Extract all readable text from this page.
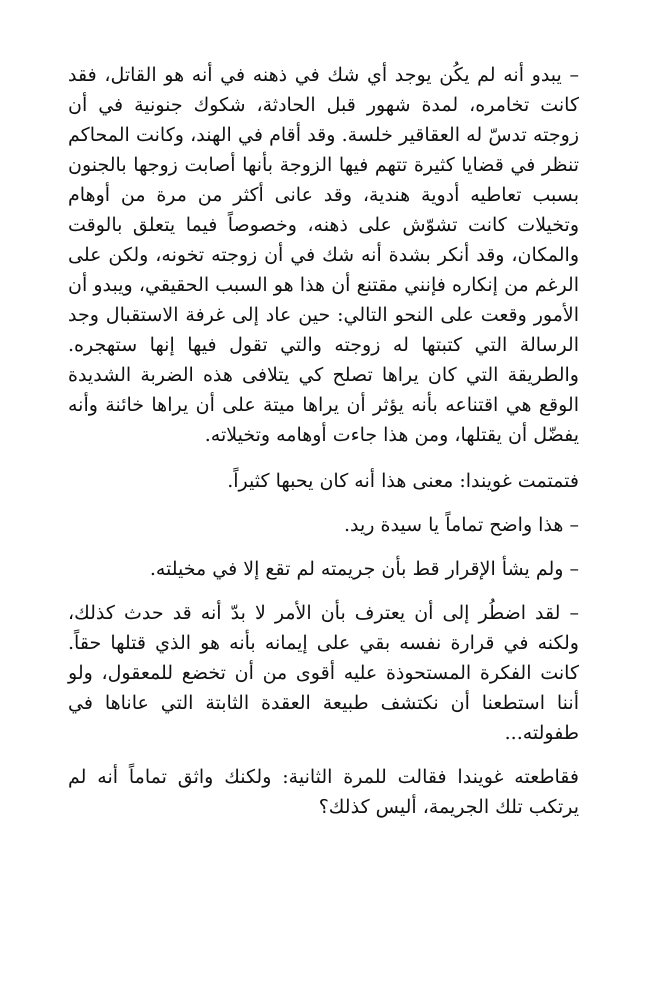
– يبدو أنه لم يكُن يوجد أي شك في ذهنه في أنه هو القاتل، فقد كانت تخامره، لمدة شهور قبل الحادثة، شكوك جنونية في أن زوجته تدسّ له العقاقير خلسة. وقد أقام في الهند، وكانت المحاكم تنظر في قضايا كثيرة تتهم فيها الزوجة بأنها أصابت زوجها بالجنون بسبب تعاطيه أدوية هندية، وقد عانى أكثر من مرة من أوهام وتخيلات كانت تشوّش على ذهنه، وخصوصاً فيما يتعلق بالوقت والمكان، وقد أنكر بشدة أنه شك في أن زوجته تخونه، ولكن على الرغم من إنكاره فإنني مقتنع أن هذا هو السبب الحقيقي، ويبدو أن الأمور وقعت على النحو التالي: حين عاد إلى غرفة الاستقبال وجد الرسالة التي كتبتها له زوجته والتي تقول فيها إنها ستهجره. والطريقة التي كان يراها تصلح كي يتلافى هذه الضربة الشديدة الوقع هي اقتناعه بأنه يؤثر أن يراها ميتة على أن يراها خائنة وأنه يفضّل أن يقتلها، ومن هذا جاءت أوهامه وتخيلاته.

فتمتمت غويندا: معنى هذا أنه كان يحبها كثيراً.

– هذا واضح تماماً يا سيدة ريد.

– ولم يشأ الإقرار قط بأن جريمته لم تقع إلا في مخيلته.

– لقد اضطُر إلى أن يعترف بأن الأمر لا بدّ أنه قد حدث كذلك، ولكنه في قرارة نفسه بقي على إيمانه بأنه هو الذي قتلها حقاً. كانت الفكرة المستحوذة عليه أقوى من أن تخضع للمعقول، ولو أننا استطعنا أن نكتشف طبيعة العقدة الثابتة التي عاناها في طفولته...

فقاطعته غويندا فقالت للمرة الثانية: ولكنك واثق تماماً أنه لم يرتكب تلك الجريمة، أليس كذلك؟
